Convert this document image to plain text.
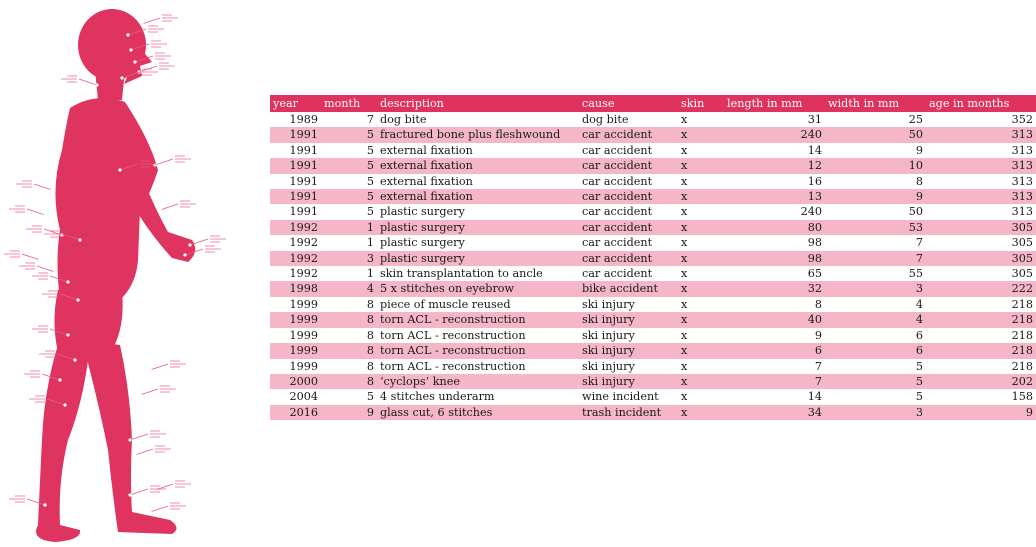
year	month	description	cause	skin	length in mm	width in mm	age in months
1989	7	dog bite	dog bite	x	31	25	352
1991	5	fractured bone plus fleshwound	car accident	x	240	50	313
1991	5	external fixation	car accident	x	14	9	313
1991	5	external fixation	car accident	x	12	10	313
1991	5	external fixation	car accident	x	16	8	313
1991	5	external fixation	car accident	x	13	9	313
1991	5	plastic surgery	car accident	x	240	50	313
1992	1	plastic surgery	car accident	x	80	53	305
1992	1	plastic surgery	car accident	x	98	7	305
1992	3	plastic surgery	car accident	x	98	7	305
1992	1	skin transplantation to ancle	car accident	x	65	55	305
1998	4	5 x stitches on eyebrow	bike accident	x	32	3	222
1999	8	piece of muscle reused	ski injury	x	8	4	218
1999	8	torn ACL - reconstruction	ski injury	x	40	4	218
1999	8	torn ACL - reconstruction	ski injury	x	9	6	218
1999	8	torn ACL - reconstruction	ski injury	x	6	6	218
1999	8	torn ACL - reconstruction	ski injury	x	7	5	218
2000	8	‘cyclops’ knee	ski injury	x	7	5	202
2004	5	4 stitches underarm	wine incident	x	14	5	158
2016	9	glass cut, 6 stitches	trash incident	x	34	3	9
